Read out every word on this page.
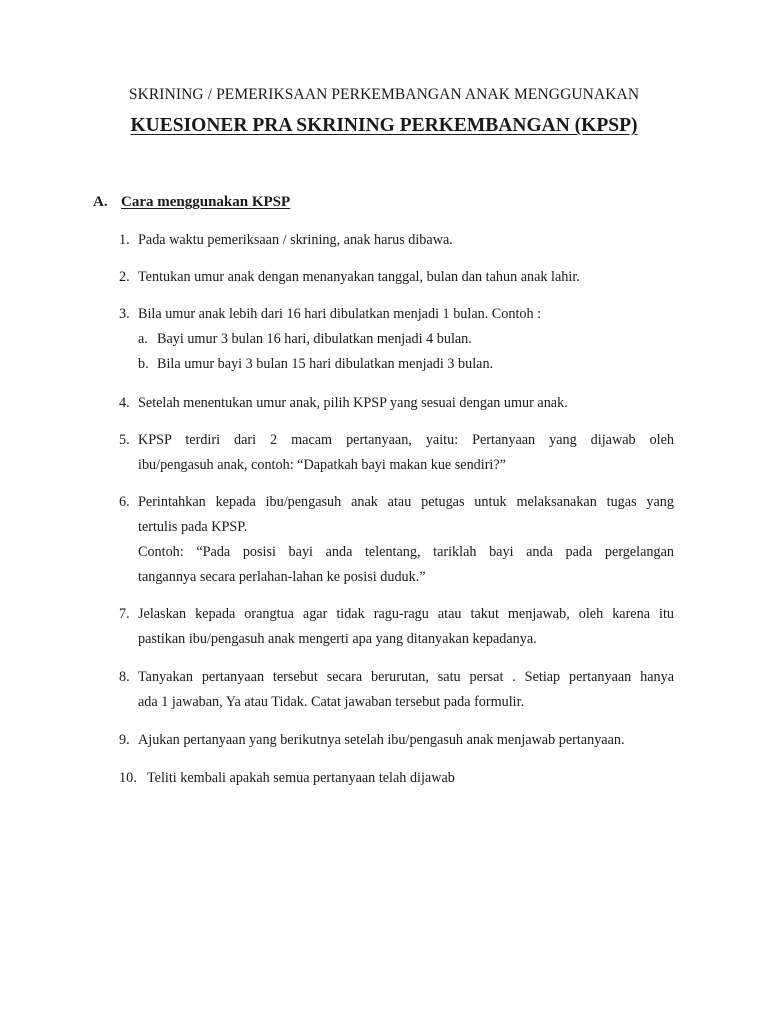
SKRINING / PEMERIKSAAN PERKEMBANGAN ANAK MENGGUNAKAN
KUESIONER PRA SKRINING PERKEMBANGAN (KPSP)
A. Cara menggunakan KPSP
1. Pada waktu pemeriksaan / skrining, anak harus dibawa.
2. Tentukan umur anak dengan menanyakan tanggal, bulan dan tahun anak lahir.
3. Bila umur anak lebih dari 16 hari dibulatkan menjadi 1 bulan. Contoh :
a. Bayi umur 3 bulan 16 hari, dibulatkan menjadi 4 bulan.
b. Bila umur bayi 3 bulan 15 hari dibulatkan menjadi 3 bulan.
4. Setelah menentukan umur anak, pilih KPSP yang sesuai dengan umur anak.
5. KPSP terdiri dari 2 macam pertanyaan, yaitu: Pertanyaan yang dijawab oleh
ibu/pengasuh anak, contoh: “Dapatkah bayi makan kue sendiri?”
6. Perintahkan kepada ibu/pengasuh anak atau petugas untuk melaksanakan tugas yang
tertulis pada KPSP.
Contoh: “Pada posisi bayi anda telentang, tariklah bayi anda pada pergelangan
tangannya secara perlahan-lahan ke posisi duduk.”
7. Jelaskan kepada orangtua agar tidak ragu-ragu atau takut menjawab, oleh karena itu
pastikan ibu/pengasuh anak mengerti apa yang ditanyakan kepadanya.
8. Tanyakan pertanyaan tersebut secara berurutan, satu persat . Setiap pertanyaan hanya
ada 1 jawaban, Ya atau Tidak. Catat jawaban tersebut pada formulir.
9. Ajukan pertanyaan yang berikutnya setelah ibu/pengasuh anak menjawab pertanyaan.
10. Teliti kembali apakah semua pertanyaan telah dijawab
